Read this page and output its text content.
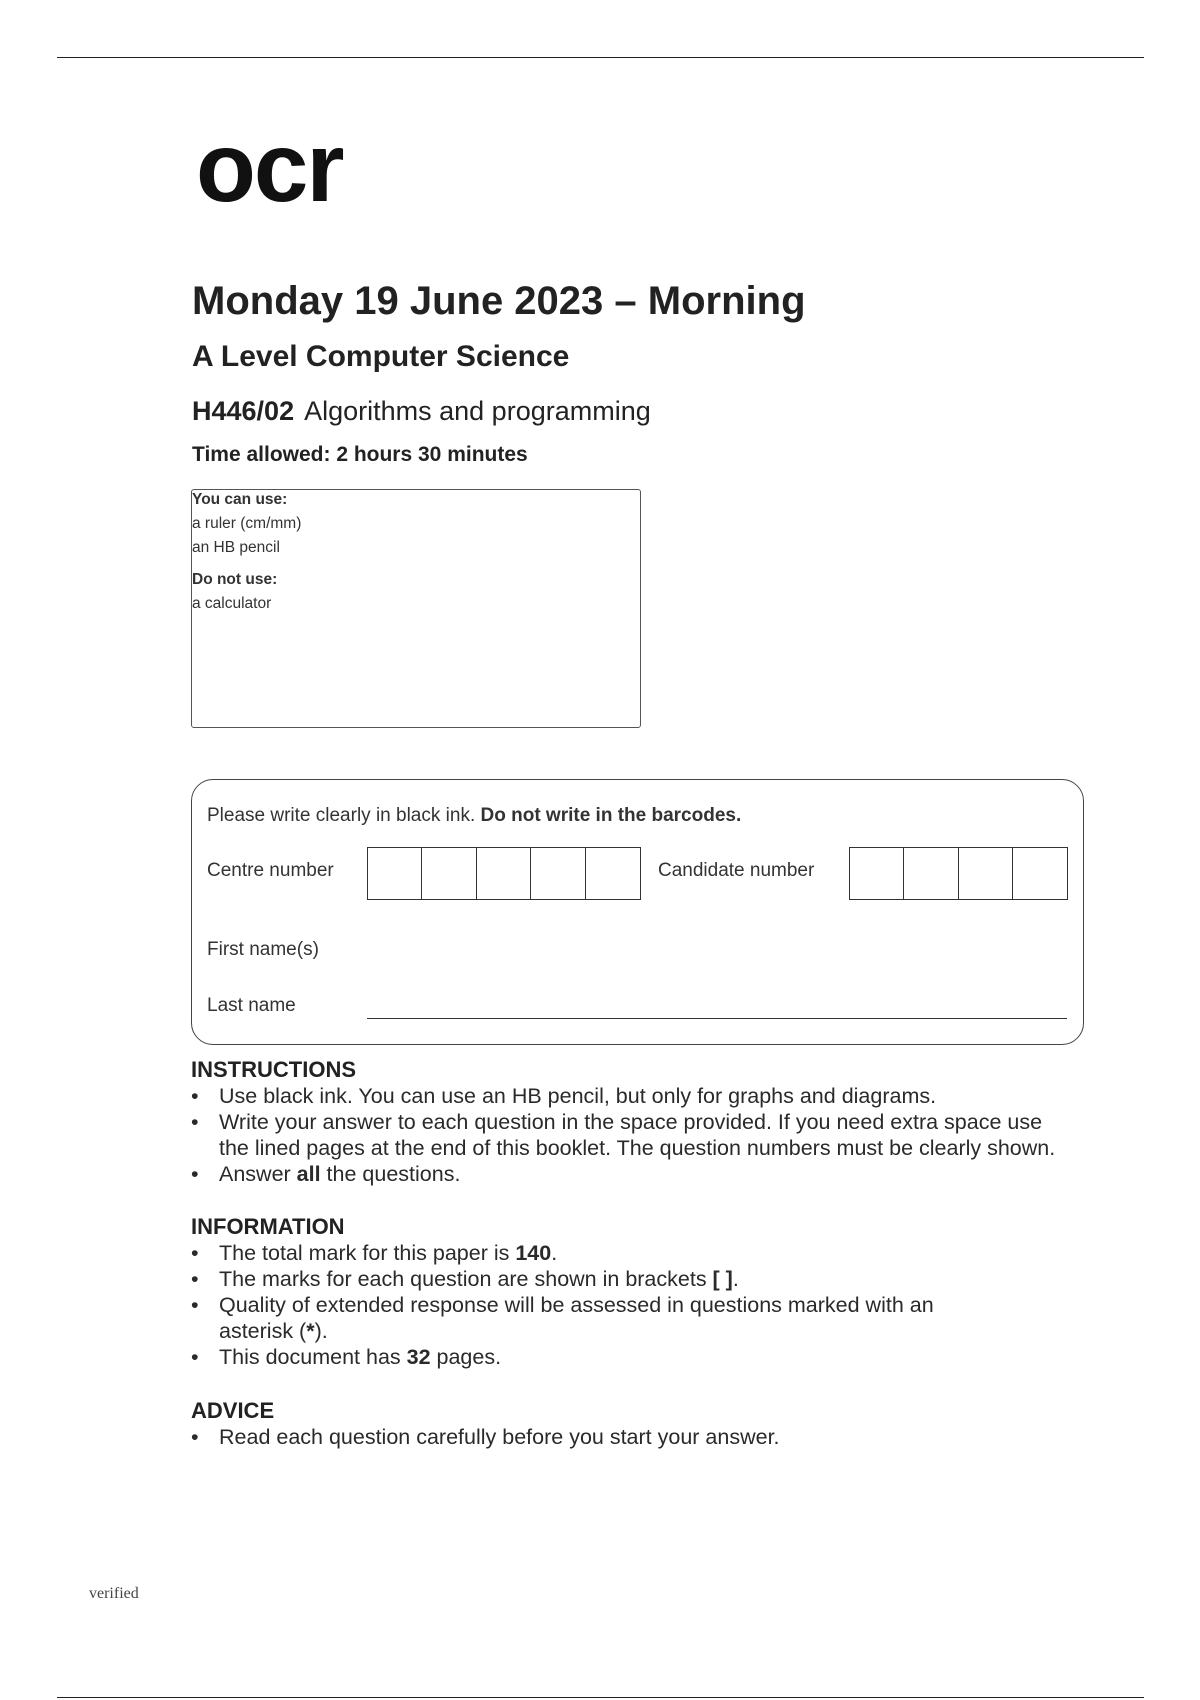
ocr
Monday 19 June 2023 – Morning
A Level Computer Science
H446/02 Algorithms and programming
Time allowed: 2 hours 30 minutes
You can use:
a ruler (cm/mm)
an HB pencil
Do not use:
a calculator
Please write clearly in black ink. Do not write in the barcodes.
Centre number	Candidate number
First name(s)
Last name
INSTRUCTIONS
• Use black ink. You can use an HB pencil, but only for graphs and diagrams.
• Write your answer to each question in the space provided. If you need extra space use
the lined pages at the end of this booklet. The question numbers must be clearly shown.
• Answer all the questions.
INFORMATION
• The total mark for this paper is 140.
• The marks for each question are shown in brackets [ ].
• Quality of extended response will be assessed in questions marked with an
asterisk (*).
• This document has 32 pages.
ADVICE
• Read each question carefully before you start your answer.
verified
